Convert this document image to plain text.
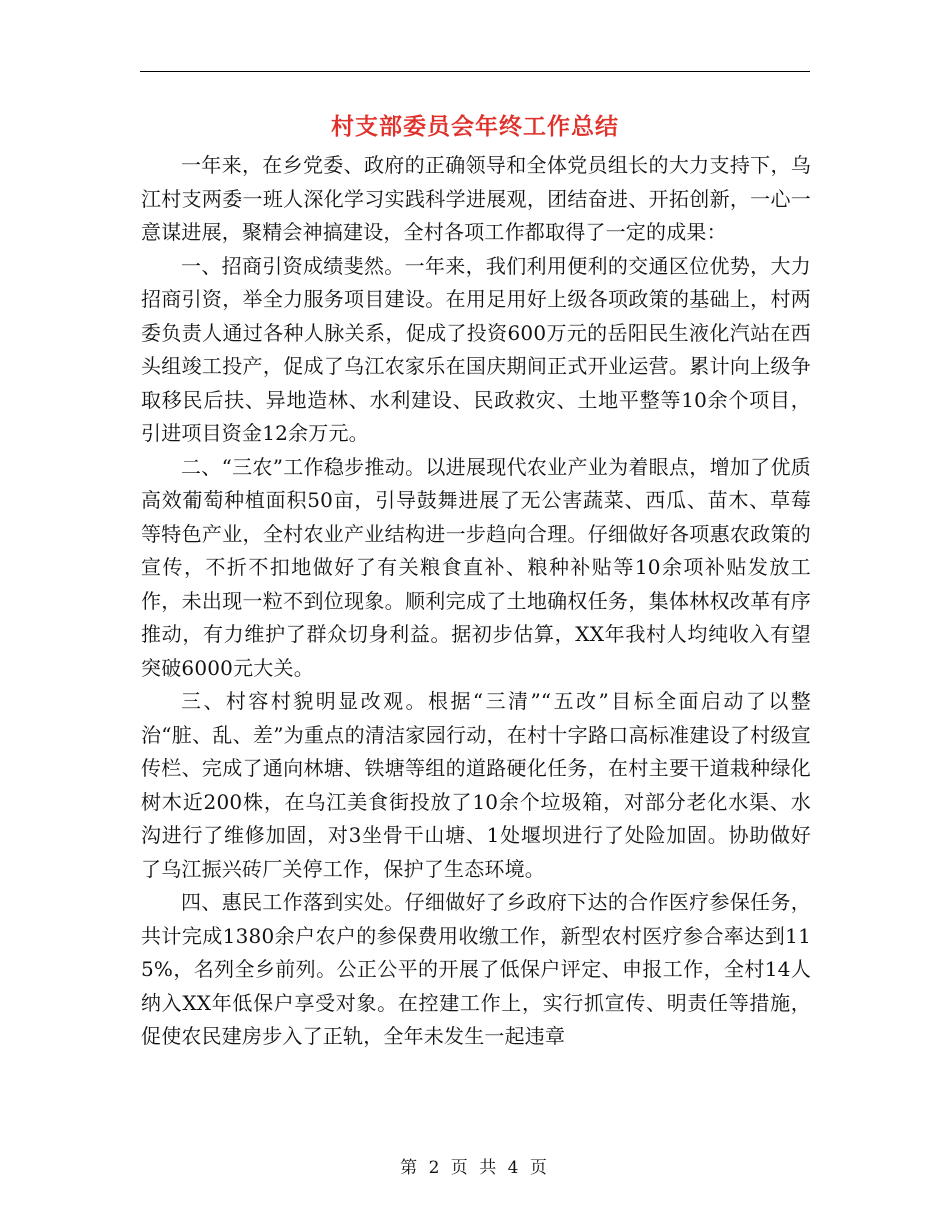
村支部委员会年终工作总结

一年来，在乡党委、政府的正确领导和全体党员组长的大力支持下，乌江村支两委一班人深化学习实践科学进展观，团结奋进、开拓创新，一心一意谋进展，聚精会神搞建设，全村各项工作都取得了一定的成果：

一、招商引资成绩斐然。一年来，我们利用便利的交通区位优势，大力招商引资，举全力服务项目建设。在用足用好上级各项政策的基础上，村两委负责人通过各种人脉关系，促成了投资600万元的岳阳民生液化汽站在西头组竣工投产，促成了乌江农家乐在国庆期间正式开业运营。累计向上级争取移民后扶、异地造林、水利建设、民政救灾、土地平整等10余个项目，引进项目资金12余万元。

二、“三农”工作稳步推动。以进展现代农业产业为着眼点，增加了优质高效葡萄种植面积50亩，引导鼓舞进展了无公害蔬菜、西瓜、苗木、草莓等特色产业，全村农业产业结构进一步趋向合理。仔细做好各项惠农政策的宣传，不折不扣地做好了有关粮食直补、粮种补贴等10余项补贴发放工作，未出现一粒不到位现象。顺利完成了土地确权任务，集体林权改革有序推动，有力维护了群众切身利益。据初步估算，XX年我村人均纯收入有望突破6000元大关。

三、村容村貌明显改观。根据“三清”“五改”目标全面启动了以整治“脏、乱、差”为重点的清洁家园行动，在村十字路口高标准建设了村级宣传栏、完成了通向林塘、铁塘等组的道路硬化任务，在村主要干道栽种绿化树木近200株，在乌江美食街投放了10余个垃圾箱，对部分老化水渠、水沟进行了维修加固，对3坐骨干山塘、1处堰坝进行了处险加固。协助做好了乌江振兴砖厂关停工作，保护了生态环境。

四、惠民工作落到实处。仔细做好了乡政府下达的合作医疗参保任务，共计完成1380余户农户的参保费用收缴工作，新型农村医疗参合率达到115%，名列全乡前列。公正公平的开展了低保户评定、申报工作，全村14人纳入XX年低保户享受对象。在控建工作上，实行抓宣传、明责任等措施，促使农民建房步入了正轨，全年未发生一起违章

第 2 页 共 4 页
